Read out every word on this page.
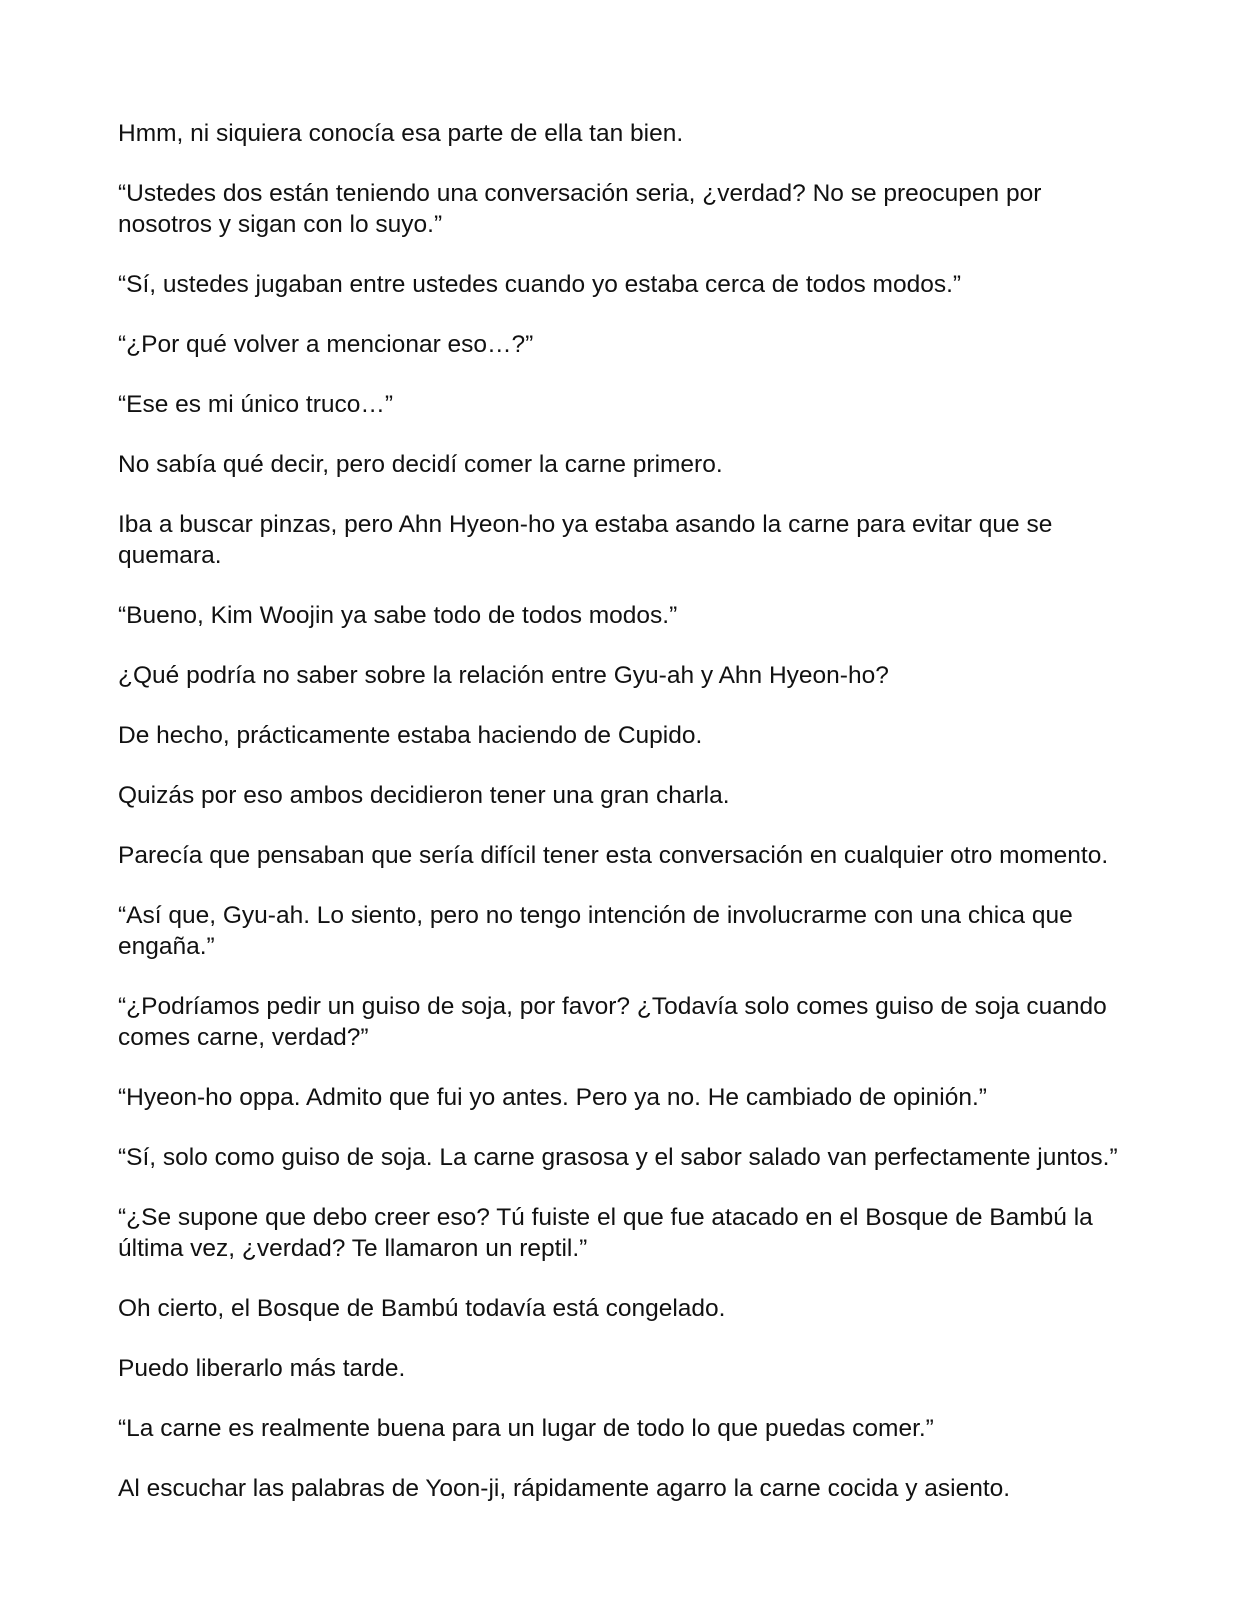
Hmm, ni siquiera conocía esa parte de ella tan bien.

“Ustedes dos están teniendo una conversación seria, ¿verdad? No se preocupen por nosotros y sigan con lo suyo.”

“Sí, ustedes jugaban entre ustedes cuando yo estaba cerca de todos modos.”

“¿Por qué volver a mencionar eso…?”

“Ese es mi único truco…”

No sabía qué decir, pero decidí comer la carne primero.

Iba a buscar pinzas, pero Ahn Hyeon-ho ya estaba asando la carne para evitar que se quemara.

“Bueno, Kim Woojin ya sabe todo de todos modos.”

¿Qué podría no saber sobre la relación entre Gyu-ah y Ahn Hyeon-ho?

De hecho, prácticamente estaba haciendo de Cupido.

Quizás por eso ambos decidieron tener una gran charla.

Parecía que pensaban que sería difícil tener esta conversación en cualquier otro momento.

“Así que, Gyu-ah. Lo siento, pero no tengo intención de involucrarme con una chica que engaña.”

“¿Podríamos pedir un guiso de soja, por favor? ¿Todavía solo comes guiso de soja cuando comes carne, verdad?”

“Hyeon-ho oppa. Admito que fui yo antes. Pero ya no. He cambiado de opinión.”

“Sí, solo como guiso de soja. La carne grasosa y el sabor salado van perfectamente juntos.”

“¿Se supone que debo creer eso? Tú fuiste el que fue atacado en el Bosque de Bambú la última vez, ¿verdad? Te llamaron un reptil.”

Oh cierto, el Bosque de Bambú todavía está congelado.

Puedo liberarlo más tarde.

“La carne es realmente buena para un lugar de todo lo que puedas comer.”

Al escuchar las palabras de Yoon-ji, rápidamente agarro la carne cocida y asiento.
